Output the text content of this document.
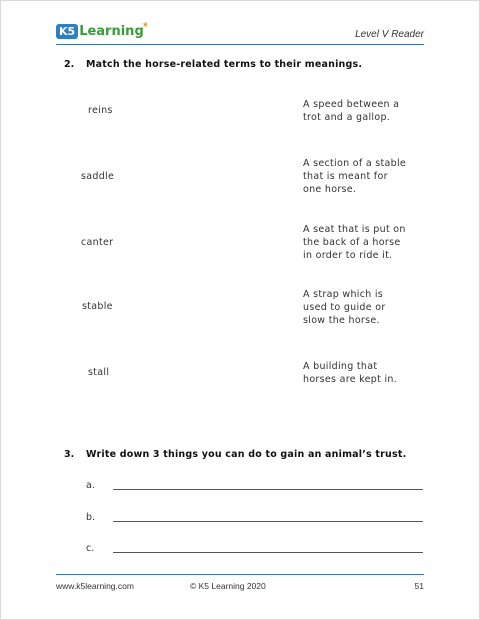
K5 Learning
★
Level V Reader
2. Match the horse-related terms to their meanings.
reins
saddle
canter
stable
stall
A speed between a
trot and a gallop.
A section of a stable
that is meant for
one horse.
A seat that is put on
the back of a horse
in order to ride it.
A strap which is
used to guide or
slow the horse.
A building that
horses are kept in.
3. Write down 3 things you can do to gain an animal’s trust.
a.
b.
c.
www.k5learning.com	© K5 Learning 2020	51
